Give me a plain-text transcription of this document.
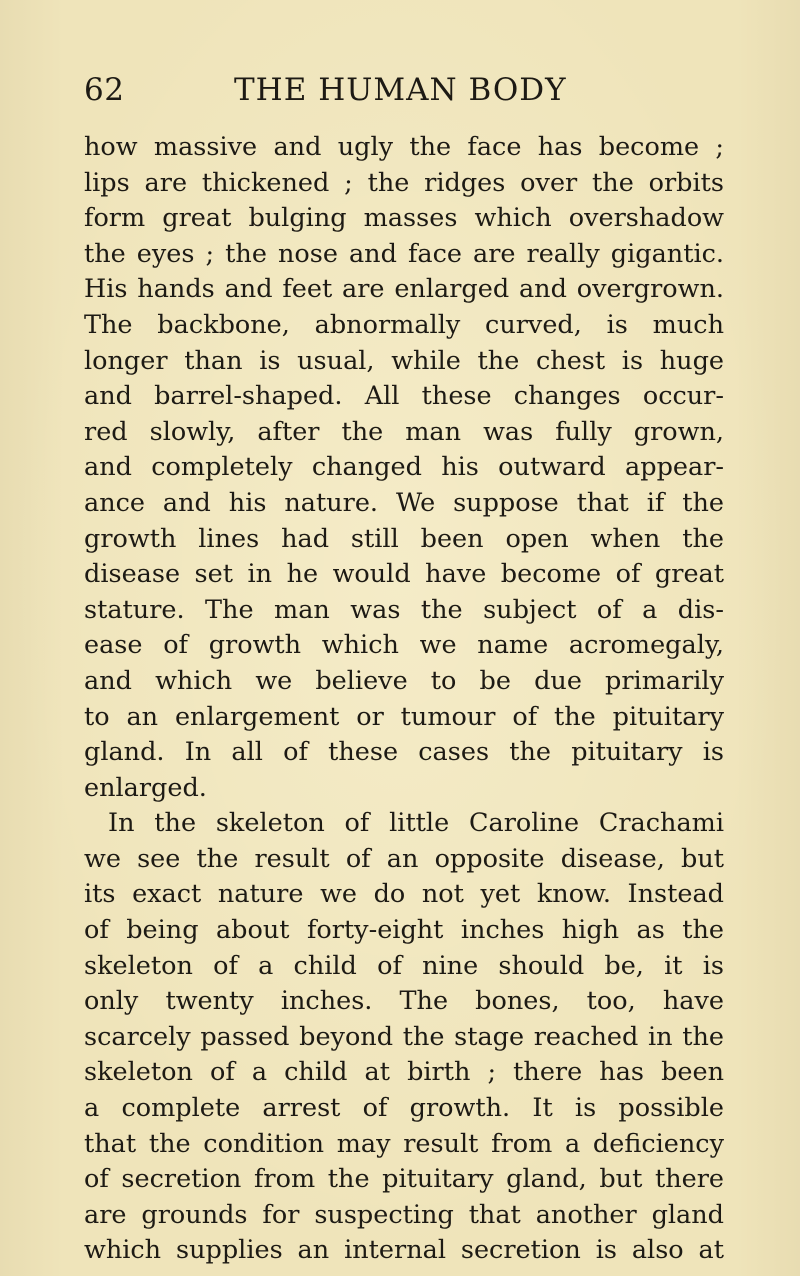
62	THE HUMAN BODY
how massive and ugly the face has become ;
lips are thickened ; the ridges over the orbits
form great bulging masses which overshadow
the eyes ; the nose and face are really gigantic.
His hands and feet are enlarged and overgrown.
The backbone, abnormally curved, is much
longer than is usual, while the chest is huge
and barrel-shaped. All these changes occur-
red slowly, after the man was fully grown,
and completely changed his outward appear-
ance and his nature. We suppose that if the
growth lines had still been open when the
disease set in he would have become of great
stature. The man was the subject of a dis-
ease of growth which we name acromegaly,
and which we believe to be due primarily
to an enlargement or tumour of the pituitary
gland. In all of these cases the pituitary is
enlarged.
In the skeleton of little Caroline Crachami
we see the result of an opposite disease, but
its exact nature we do not yet know. Instead
of being about forty-eight inches high as the
skeleton of a child of nine should be, it is
only twenty inches. The bones, too, have
scarcely passed beyond the stage reached in the
skeleton of a child at birth ; there has been
a complete arrest of growth. It is possible
that the condition may result from a deficiency
of secretion from the pituitary gland, but there
are grounds for suspecting that another gland
which supplies an internal secretion is also at
